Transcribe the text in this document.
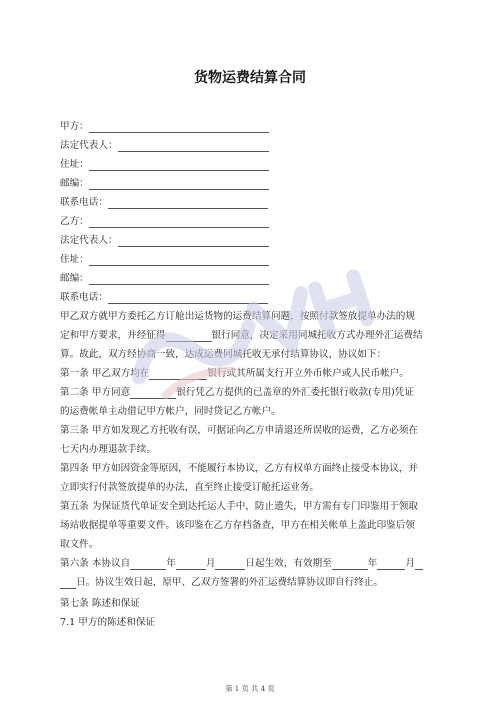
货物运费结算合同
甲方：
法定代表人：
住址：
邮编：
联系电话：
乙方：
法定代表人：
住址：
邮编：
联系电话：
甲乙双方就甲方委托乙方订舱出运货物的运费结算问题，按照付款签放提单办法的规
定和甲方要求，并经征得	银行同意，决定采用同城托收方式办理外汇运费结
算。故此，双方经协商一致，达成运费同城托收无承付结算协议，协议如下：
第一条 甲乙双方均在	银行或其所属支行开立外币帐户或人民币帐户。
第二条 甲方同意	银行凭乙方提供的已盖章的外汇委托银行收款(专用)凭证
的运费帐单主动借记甲方帐户，同时贷记乙方帐户。
第三条 甲方如发现乙方托收有误，可据证向乙方申请退还所误收的运费，乙方必须在
七天内办理退款手续。
第四条 甲方如因资金等原因，不能履行本协议，乙方有权单方面终止接受本协议，并
立即实行付款签放提单的办法，直至终止接受订舱托运业务。
第五条 为保证货代单证安全到达托运人手中，防止遗失，甲方需有专门印鉴用于领取
场站收据提单等重要文件。该印鉴在乙方存档备查，甲方在相关帐单上盖此印鉴后领
取文件。
第六条 本协议自	年	月	日起生效，有效期至	年	月
日。协议生效日起，原甲、乙双方签署的外汇运费结算协议即自行终止。
第七条 陈述和保证
7.1 甲方的陈述和保证
第 1 页 共 4 页
